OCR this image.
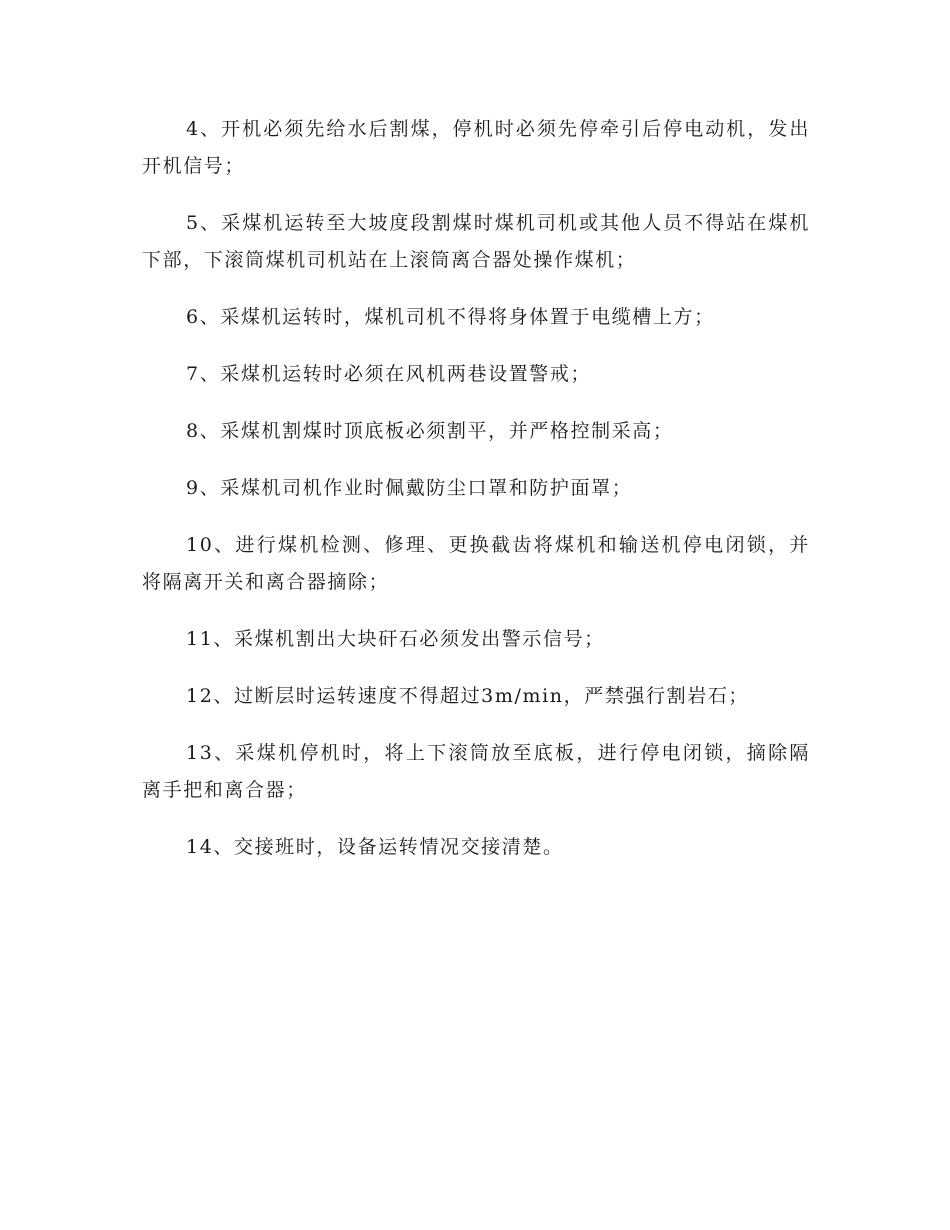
4、开机必须先给水后割煤，停机时必须先停牵引后停电动机，发出开机信号；

5、采煤机运转至大坡度段割煤时煤机司机或其他人员不得站在煤机下部，下滚筒煤机司机站在上滚筒离合器处操作煤机；

6、采煤机运转时，煤机司机不得将身体置于电缆槽上方；

7、采煤机运转时必须在风机两巷设置警戒；

8、采煤机割煤时顶底板必须割平，并严格控制采高；

9、采煤机司机作业时佩戴防尘口罩和防护面罩；

10、进行煤机检测、修理、更换截齿将煤机和输送机停电闭锁，并将隔离开关和离合器摘除；

11、采煤机割出大块矸石必须发出警示信号；

12、过断层时运转速度不得超过3m/min，严禁强行割岩石；

13、采煤机停机时，将上下滚筒放至底板，进行停电闭锁，摘除隔离手把和离合器；

14、交接班时，设备运转情况交接清楚。
